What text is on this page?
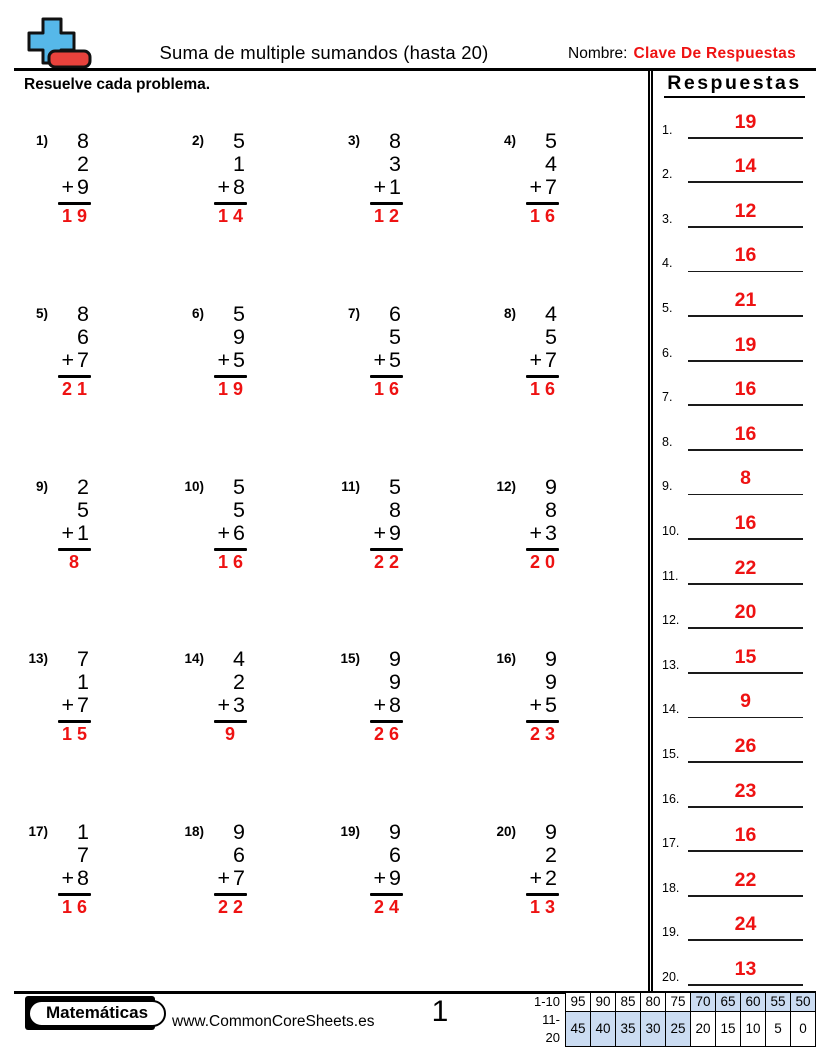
Suma de multiple sumandos (hasta 20)	Nombre: Clave De Respuestas
Resuelve cada problema.
1)	8
2
+ 9
19
2)	5
1
+ 8
14
3)	8
3
+ 1
12
4)	5
4
+ 7
16
5)	8
6
+ 7
21
6)	5
9
+ 5
19
7)	6
5
+ 5
16
8)	4
5
+ 7
16
9)	2
5
+ 1
8
10)	5
5
+ 6
16
11)	5
8
+ 9
22
12)	9
8
+ 3
20
13)	7
1
+ 7
15
14)	4
2
+ 3
9
15)	9
9
+ 8
26
16)	9
9
+ 5
23
17)	1
7
+ 8
16
18)	9
6
+ 7
22
19)	9
6
+ 9
24
20)	9
2
+ 2
13
Respuestas
1.	19
2.	14
3.	12
4.	16
5.	21
6.	19
7.	16
8.	16
9.	8
10.	16
11.	22
12.	20
13.	15
14.	9
15.	26
16.	23
17.	16
18.	22
19.	24
20.	13
Matemáticas	www.CommonCoreSheets.es	1	1-10	95	90	85	80	75	70	65	60	55	50
11-20	45	40	35	30	25	20	15	10	5	0
